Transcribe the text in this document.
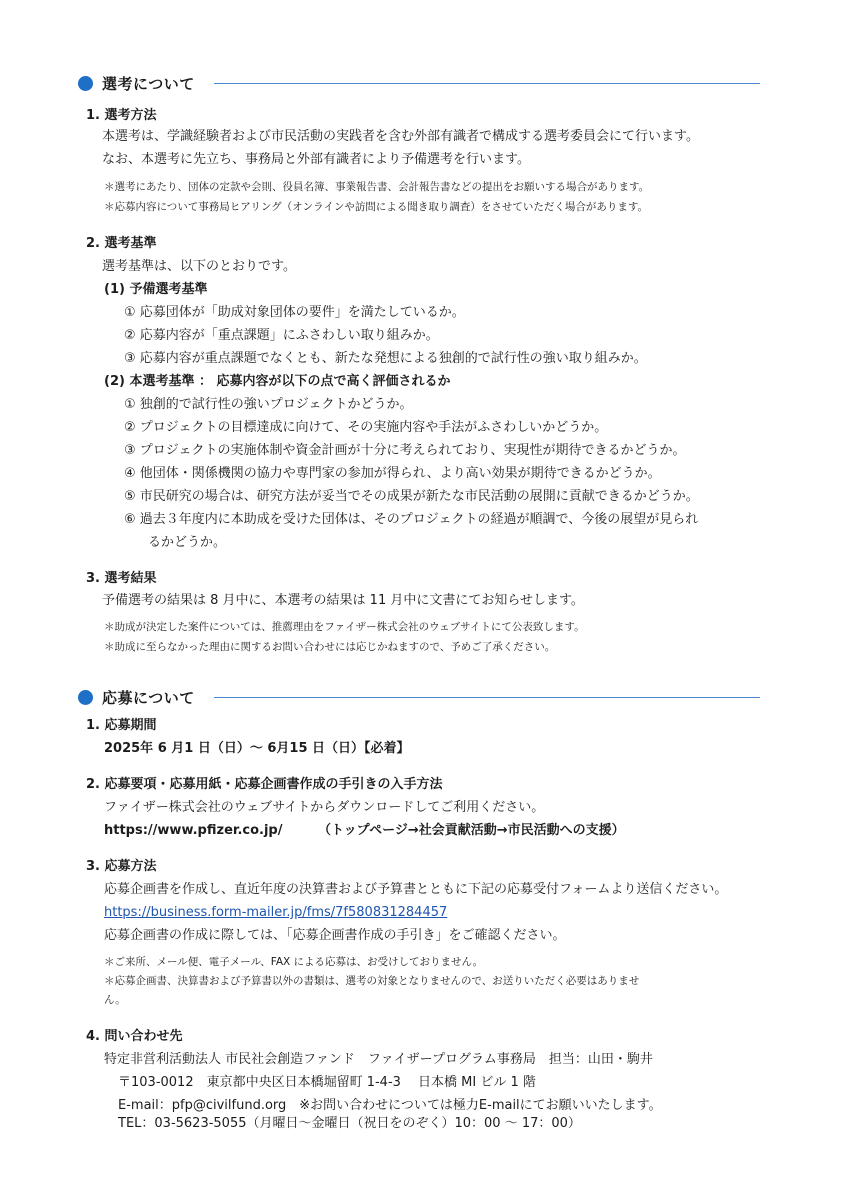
選考について
1. 選考方法
本選考は、学識経験者および市民活動の実践者を含む外部有識者で構成する選考委員会にて行います。
なお、本選考に先立ち、事務局と外部有識者により予備選考を行います。
＊選考にあたり、団体の定款や会則、役員名簿、事業報告書、会計報告書などの提出をお願いする場合があります。
＊応募内容について事務局ヒアリング（オンラインや訪問による聞き取り調査）をさせていただく場合があります。
2. 選考基準
選考基準は、以下のとおりです。
(1) 予備選考基準
① 応募団体が「助成対象団体の要件」を満たしているか。
② 応募内容が「重点課題」にふさわしい取り組みか。
③ 応募内容が重点課題でなくとも、新たな発想による独創的で試行性の強い取り組みか。
(2) 本選考基準 ： 応募内容が以下の点で高く評価されるか
① 独創的で試行性の強いプロジェクトかどうか。
② プロジェクトの目標達成に向けて、その実施内容や手法がふさわしいかどうか。
③ プロジェクトの実施体制や資金計画が十分に考えられており、実現性が期待できるかどうか。
④ 他団体・関係機関の協力や専門家の参加が得られ、より高い効果が期待できるかどうか。
⑤ 市民研究の場合は、研究方法が妥当でその成果が新たな市民活動の展開に貢献できるかどうか。
⑥ 過去３年度内に本助成を受けた団体は、そのプロジェクトの経過が順調で、今後の展望が見られ
るかどうか。
3. 選考結果
予備選考の結果は 8 月中に、本選考の結果は 11 月中に文書にてお知らせします。
＊助成が決定した案件については、推薦理由をファイザー株式会社のウェブサイトにて公表致します。
＊助成に至らなかった理由に関するお問い合わせには応じかねますので、予めご了承ください。
応募について
1. 応募期間
2025年 6 月1 日（日）～ 6月15 日（日）【必着】
2. 応募要項・応募用紙・応募企画書作成の手引きの入手方法
ファイザー株式会社のウェブサイトからダウンロードしてご利用ください。
https://www.pfizer.co.jp/	（トップページ→社会貢献活動→市民活動への支援）
3. 応募方法
応募企画書を作成し、直近年度の決算書および予算書とともに下記の応募受付フォームより送信ください。
https://business.form-mailer.jp/fms/7f580831284457
応募企画書の作成に際しては、「応募企画書作成の手引き」をご確認ください。
＊ご来所、メール便、電子メール、FAX による応募は、お受けしておりません。
＊応募企画書、決算書および予算書以外の書類は、選考の対象となりませんので、お送りいただく必要はありませ
ん。
4. 問い合わせ先
特定非営利活動法人 市民社会創造ファンド　ファイザープログラム事務局　担当：山田・駒井
〒103-0012　東京都中央区日本橋堀留町 1-4-3　 日本橋 MI ビル 1 階
E-mail：pfp@civilfund.org　※お問い合わせについては極力E-mailにてお願いいたします。
TEL：03-5623-5055（月曜日～金曜日（祝日をのぞく）10：00 ～ 17：00）
